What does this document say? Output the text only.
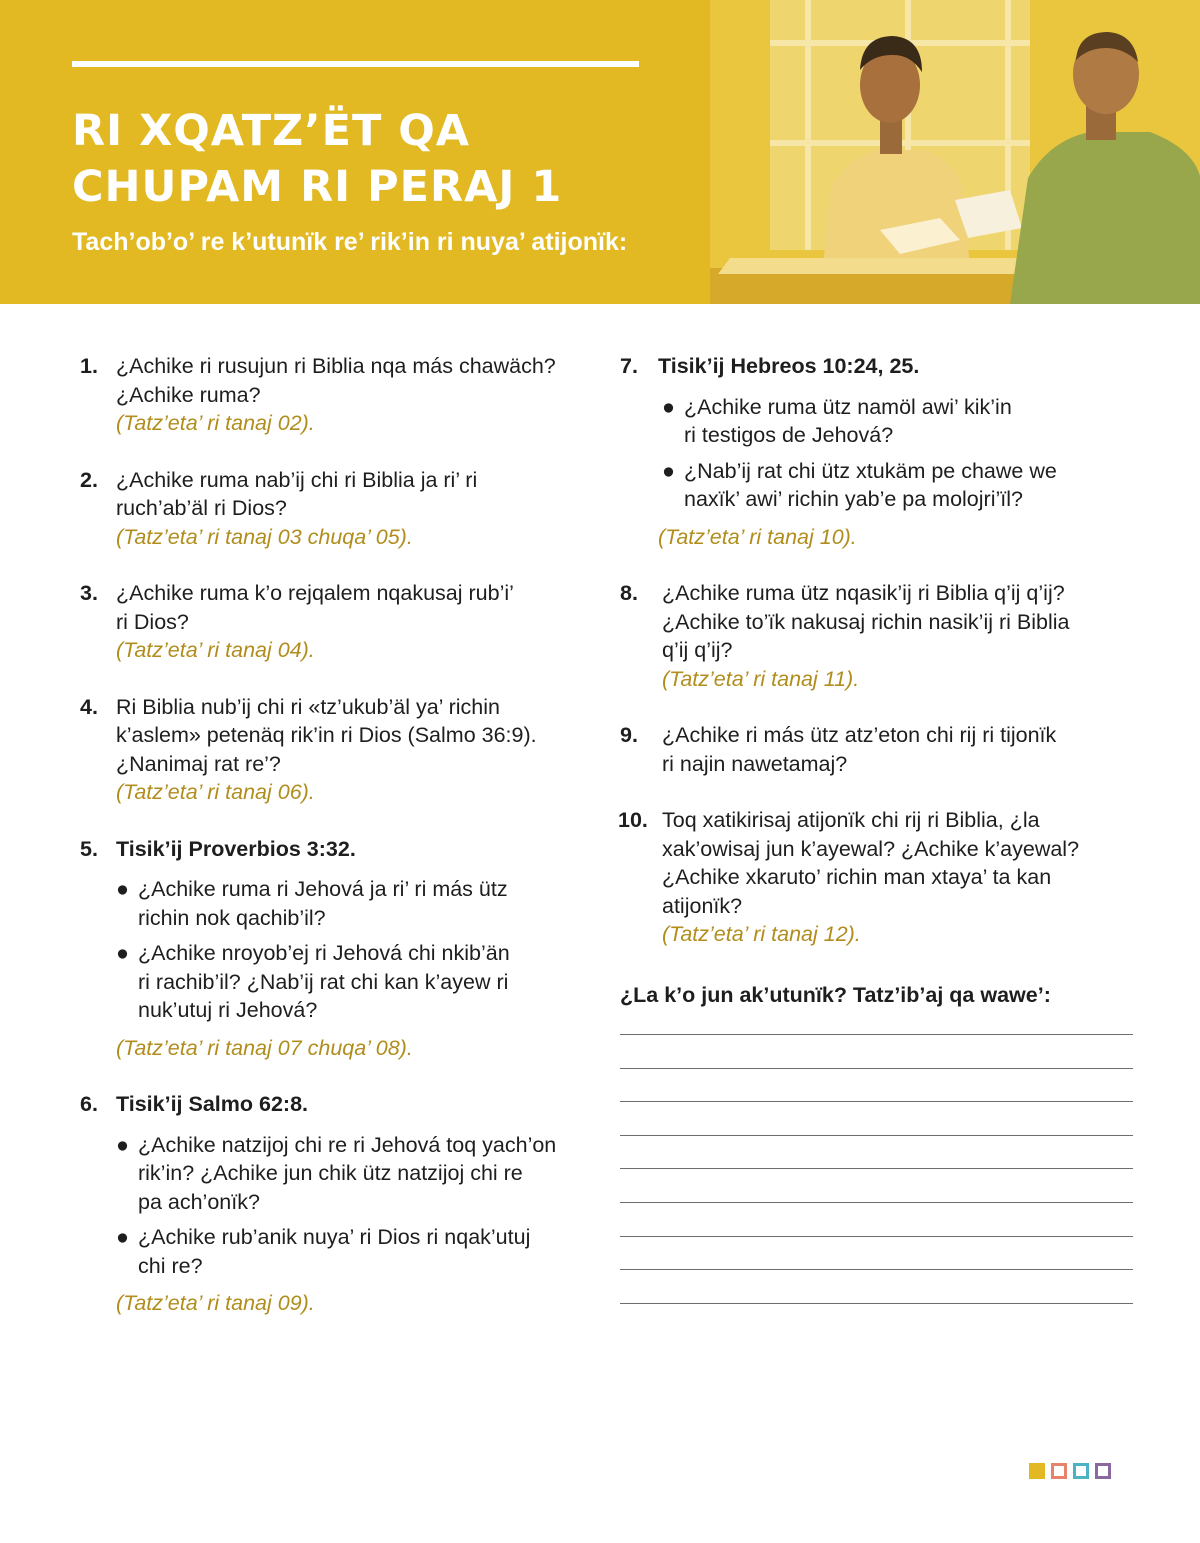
RI XQATZ’ËT QA
CHUPAM RI PERAJ 1

Tach’ob’o’ re k’utunïk re’ rik’in ri nuya’ atijonïk:

1. ¿Achike ri rusujun ri Biblia nqa más chawäch?
¿Achike ruma?
(Tatz’eta’ ri tanaj 02).
2. ¿Achike ruma nab’ij chi ri Biblia ja ri’ ri
ruch’ab’äl ri Dios?
(Tatz’eta’ ri tanaj 03 chuqa’ 05).
3. ¿Achike ruma k’o rejqalem nqakusaj rub’i’
ri Dios?
(Tatz’eta’ ri tanaj 04).
4. Ri Biblia nub’ij chi ri «tz’ukub’äl ya’ richin
k’aslem» petenäq rik’in ri Dios (Salmo 36:9).
¿Nanimaj rat re’?
(Tatz’eta’ ri tanaj 06).
5. Tisik’ij Proverbios 3:32.
● ¿Achike ruma ri Jehová ja ri’ ri más ütz
richin nok qachib’il?
● ¿Achike nroyob’ej ri Jehová chi nkib’än
ri rachib’il? ¿Nab’ij rat chi kan k’ayew ri
nuk’utuj ri Jehová?
(Tatz’eta’ ri tanaj 07 chuqa’ 08).
6. Tisik’ij Salmo 62:8.
● ¿Achike natzijoj chi re ri Jehová toq yach’on
rik’in? ¿Achike jun chik ütz natzijoj chi re
pa ach’onïk?
● ¿Achike rub’anik nuya’ ri Dios ri nqak’utuj
chi re?
(Tatz’eta’ ri tanaj 09).
7. Tisik’ij Hebreos 10:24, 25.
● ¿Achike ruma ütz namöl awi’ kik’in
ri testigos de Jehová?
● ¿Nab’ij rat chi ütz xtukäm pe chawe we
naxïk’ awi’ richin yab’e pa molojri’ïl?
(Tatz’eta’ ri tanaj 10).
8. ¿Achike ruma ütz nqasik’ij ri Biblia q’ij q’ij?
¿Achike to’ïk nakusaj richin nasik’ij ri Biblia
q’ij q’ij?
(Tatz’eta’ ri tanaj 11).
9. ¿Achike ri más ütz atz’eton chi rij ri tijonïk
ri najin nawetamaj?
10. Toq xatikirisaj atijonïk chi rij ri Biblia, ¿la
xak’owisaj jun k’ayewal? ¿Achike k’ayewal?
¿Achike xkaruto’ richin man xtaya’ ta kan
atijonïk?
(Tatz’eta’ ri tanaj 12).
¿La k’o jun ak’utunïk? Tatz’ib’aj qa wawe’:
